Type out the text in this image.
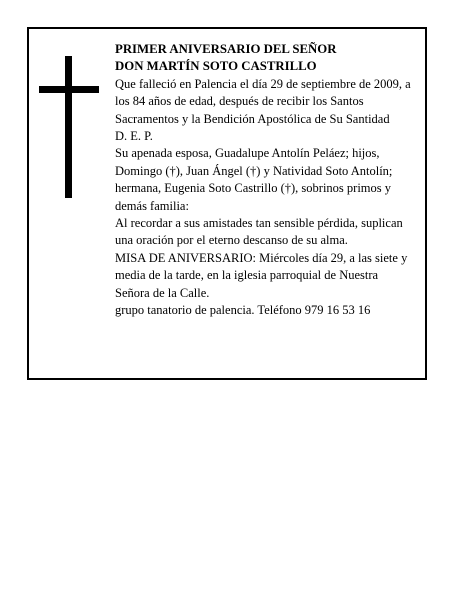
PRIMER ANIVERSARIO DEL SEÑOR

DON MARTÍN SOTO CASTRILLO

Que falleció en Palencia el día 29 de septiembre de 2009, a los 84 años de edad, después de recibir los Santos Sacramentos y la Bendición Apostólica de Su Santidad

D. E. P.

Su apenada esposa, Guadalupe Antolín Peláez; hijos, Domingo (†), Juan Ángel (†) y Natividad Soto Antolín; hermana, Eugenia Soto Castrillo (†), sobrinos primos y demás familia:

Al recordar a sus amistades tan sensible pérdida, suplican una oración por el eterno descanso de su alma.

MISA DE ANIVERSARIO: Miércoles día 29, a las siete y media de la tarde, en la iglesia parroquial de Nuestra Señora de la Calle.

grupo tanatorio de palencia. Teléfono 979 16 53 16
